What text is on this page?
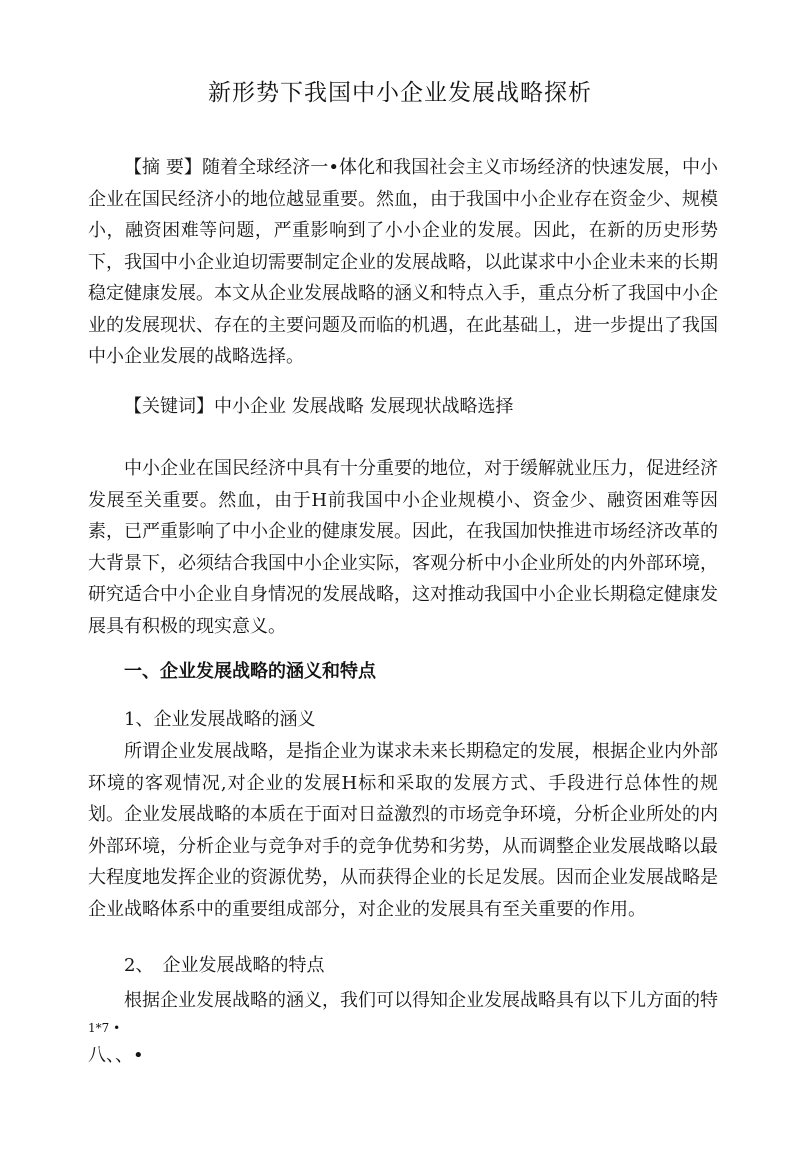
新形势下我国中小企业发展战略探析
【摘 要】随着全球经济一•体化和我国社会主义市场经济的快速发展，中小企业在国民经济小的地位越显重要。然血，由于我国中小企业存在资金少、规模小，融资困难等问题，严重影响到了小小企业的发展。因此，在新的历史形势下，我国中小企业迫切需要制定企业的发展战略，以此谋求中小企业未来的长期稳定健康发展。本文从企业发展战略的涵义和特点入手，重点分析了我国中小企业的发展现状、存在的主要问题及而临的机遇，在此基础丄，进一步提出了我国中小企业发展的战略选择。
【关键词】中小企业 发展战略 发展现状战略选择
中小企业在国民经济中具有十分重要的地位，对于缓解就业压力，促进经济发展至关重要。然血，由于H前我国中小企业规模小、资金少、融资困难等因素，已严重影响了中小企业的健康发展。因此，在我国加快推进市场经济改革的大背景下，必须结合我国中小企业实际，客观分析中小企业所处的内外部环境，研究适合中小企业自身情况的发展战略，这对推动我国中小企业长期稳定健康发展具有积极的现实意义。
一、企业发展战略的涵义和特点
1、企业发展战略的涵义
所谓企业发展战略，是指企业为谋求未来长期稳定的发展，根据企业内外部环境的客观情况,对企业的发展H标和采取的发展方式、手段进行总体性的规划。企业发展战略的本质在于面对日益激烈的市场竞争环境，分析企业所处的内外部环境，分析企业与竞争对手的竞争优势和劣势，从而调整企业发展战略以最大程度地发挥企业的资源优势，从而获得企业的长足发展。因而企业发展战略是企业战略体系中的重要组成部分，对企业的发展具有至关重要的作用。
2、　企业发展战略的特点
根据企业发展战略的涵义，我们可以得知企业发展战略具有以下儿方面的特
1*7 •
八、、•
